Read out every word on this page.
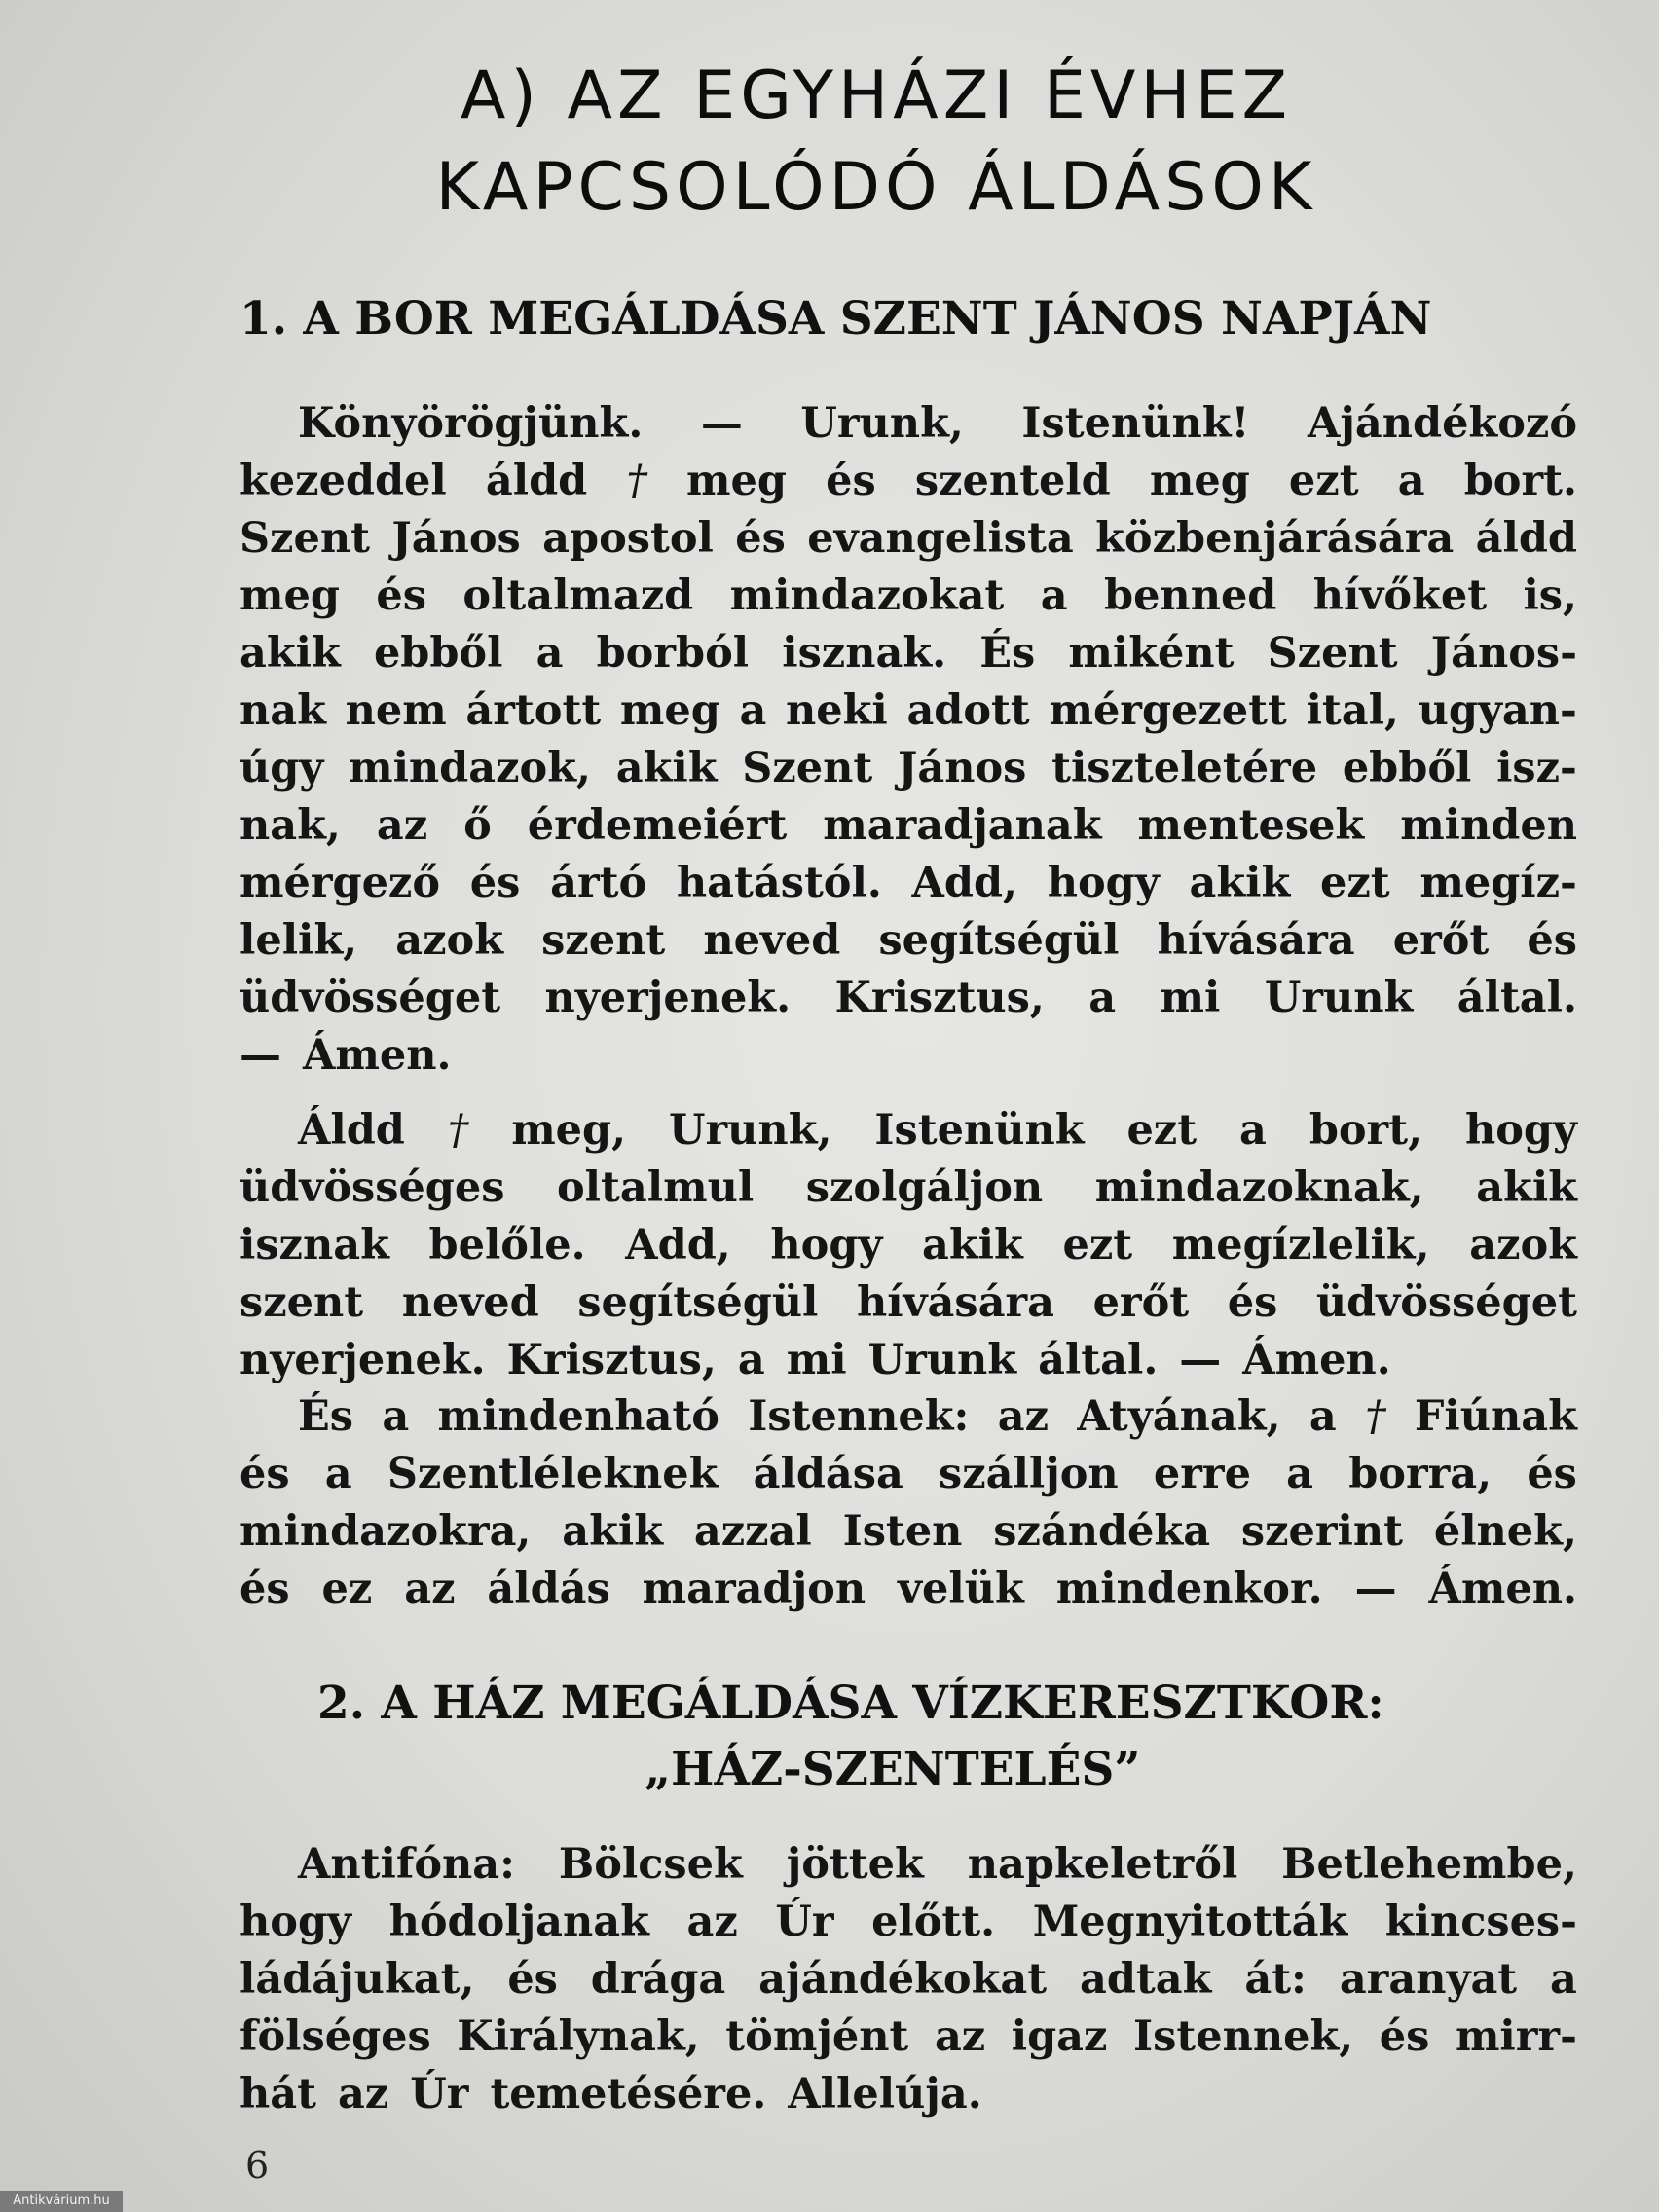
A) AZ EGYHÁZI ÉVHEZ
KAPCSOLÓDÓ ÁLDÁSOK
1. A BOR MEGÁLDÁSA SZENT JÁNOS NAPJÁN
Könyörögjünk. — Urunk, Istenünk! Ajándékozó
kezeddel áldd † meg és szenteld meg ezt a bort.
Szent János apostol és evangelista közbenjárására áldd
meg és oltalmazd mindazokat a benned hívőket is,
akik ebből a borból isznak. És miként Szent János-
nak nem ártott meg a neki adott mérgezett ital, ugyan-
úgy mindazok, akik Szent János tiszteletére ebből isz-
nak, az ő érdemeiért maradjanak mentesek minden
mérgező és ártó hatástól. Add, hogy akik ezt megíz-
lelik, azok szent neved segítségül hívására erőt és
üdvösséget nyerjenek. Krisztus, a mi Urunk által.
— Ámen.
Áldd † meg, Urunk, Istenünk ezt a bort, hogy
üdvösséges oltalmul szolgáljon mindazoknak, akik
isznak belőle. Add, hogy akik ezt megízlelik, azok
szent neved segítségül hívására erőt és üdvösséget
nyerjenek. Krisztus, a mi Urunk által. — Ámen.
És a mindenható Istennek: az Atyának, a † Fiúnak
és a Szentléleknek áldása szálljon erre a borra, és
mindazokra, akik azzal Isten szándéka szerint élnek,
és ez az áldás maradjon velük mindenkor. — Ámen.
2. A HÁZ MEGÁLDÁSA VÍZKERESZTKOR:
„HÁZ-SZENTELÉS”
Antifóna: Bölcsek jöttek napkeletről Betlehembe,
hogy hódoljanak az Úr előtt. Megnyitották kincses-
ládájukat, és drága ajándékokat adtak át: aranyat a
fölséges Királynak, tömjént az igaz Istennek, és mirr-
hát az Úr temetésére. Allelúja.
6
Antikvárium.hu
